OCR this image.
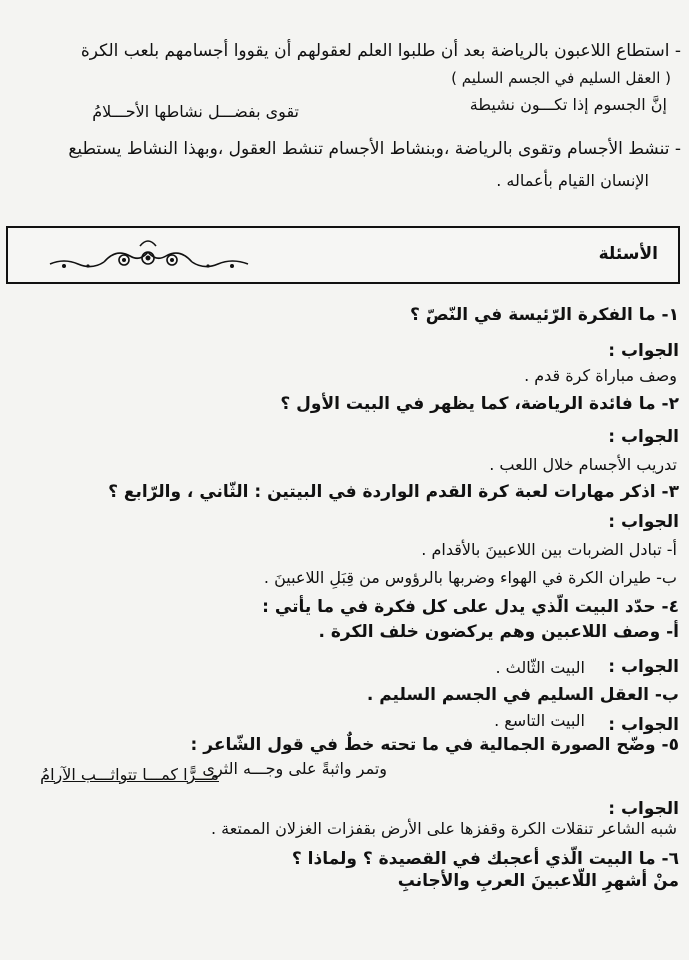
- استطاع اللاعبون بالرياضة بعد أن طلبوا العلم لعقولهم أن يقووا أجسامهم بلعب الكرة
( العقل السليم في الجسم السليم )
إنَّ الجسوم إذا تكـــون نشيطة
تقوى بفضـــل نشاطها الأحـــلامُ
- تنشط الأجسام وتقوى بالرياضة ،وبنشاط الأجسام تنشط العقول ،وبهذا النشاط يستطيع
الإنسان القيام بأعماله .
الأسئلة
١- ما الفكرة الرّئيسة في النّصّ ؟
الجواب :
وصف مباراة كرة قدم .
٢- ما فائدة الرياضة، كما يظهر في البيت الأول ؟
الجواب :
تدريب الأجسام خلال اللعب .
٣- اذكر مهارات لعبة كرة القدم الواردة في البيتين : الثّاني ، والرّابع ؟
الجواب :
أ- تبادل الضربات بين اللاعبينَ بالأقدام .
ب- طيران الكرة في الهواء وضربها بالرؤوس من قِبَلِ اللاعبينَ .
٤- حدّد البيت الّذي يدل على كل فكرة في ما يأتي :
أ- وصف اللاعبين وهم يركضون خلف الكرة .
الجواب :
البيت الثّالث .
ب- العقل السليم في الجسم السليم .
الجواب :
البيت التاسع .
٥- وضّح الصورة الجمالية في ما تحته خطٌ في قول الشّاعر :
وتمر واثبةً على وجـــه الثرى
مـــرًّا كمـــا تتواثـــب الآرامُ
الجواب :
شبه الشاعر تنقلات الكرة وقفزها على الأرض بقفزات الغزلان الممتعة .
٦- ما البيت الّذي أعجبك في القصيدة ؟ ولماذا ؟
منْ أشهرِ اللّاعبينَ العربِ والأجانبِ
